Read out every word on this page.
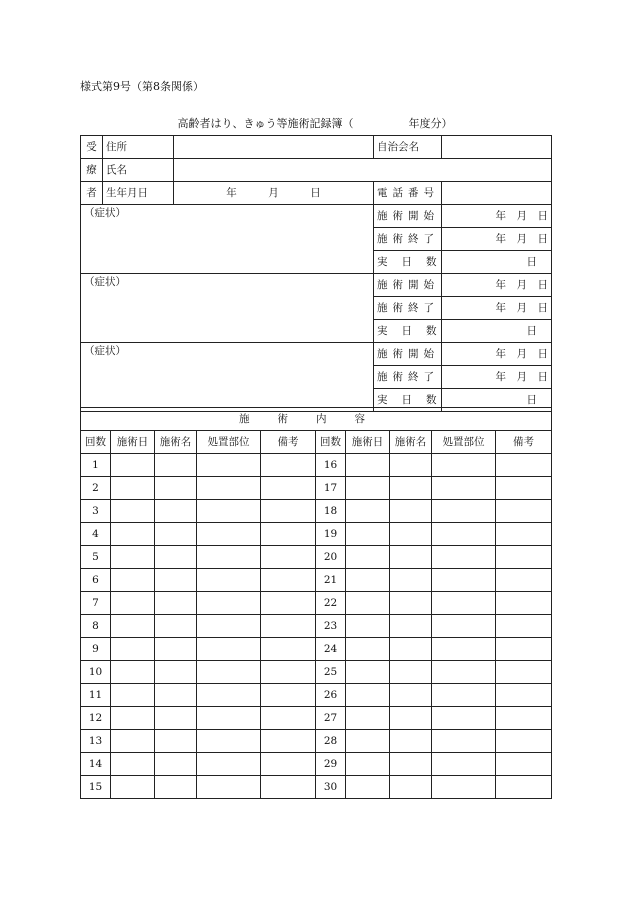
様式第9号（第8条関係）
高齢者はり、きゅう等施術記録簿（　　　　　年度分）
受	住所		自治会名	
療	氏名			
者	生年月日	年　　　月　　　日	電話番号	
（症状）			施術開始	年　月　日
			施術終了	年　月　日
			実日数	日
（症状）			施術開始	年　月　日
			施術終了	年　月　日
			実日数	日
（症状）			施術開始	年　月　日
			施術終了	年　月　日
			実日数	日
施術内容									
回数	施術日	施術名	処置部位	備考	回数	施術日	施術名	処置部位	備考
1					16				
2					17				
3					18				
4					19				
5					20				
6					21				
7					22				
8					23				
9					24				
10					25				
11					26				
12					27				
13					28				
14					29				
15					30				
